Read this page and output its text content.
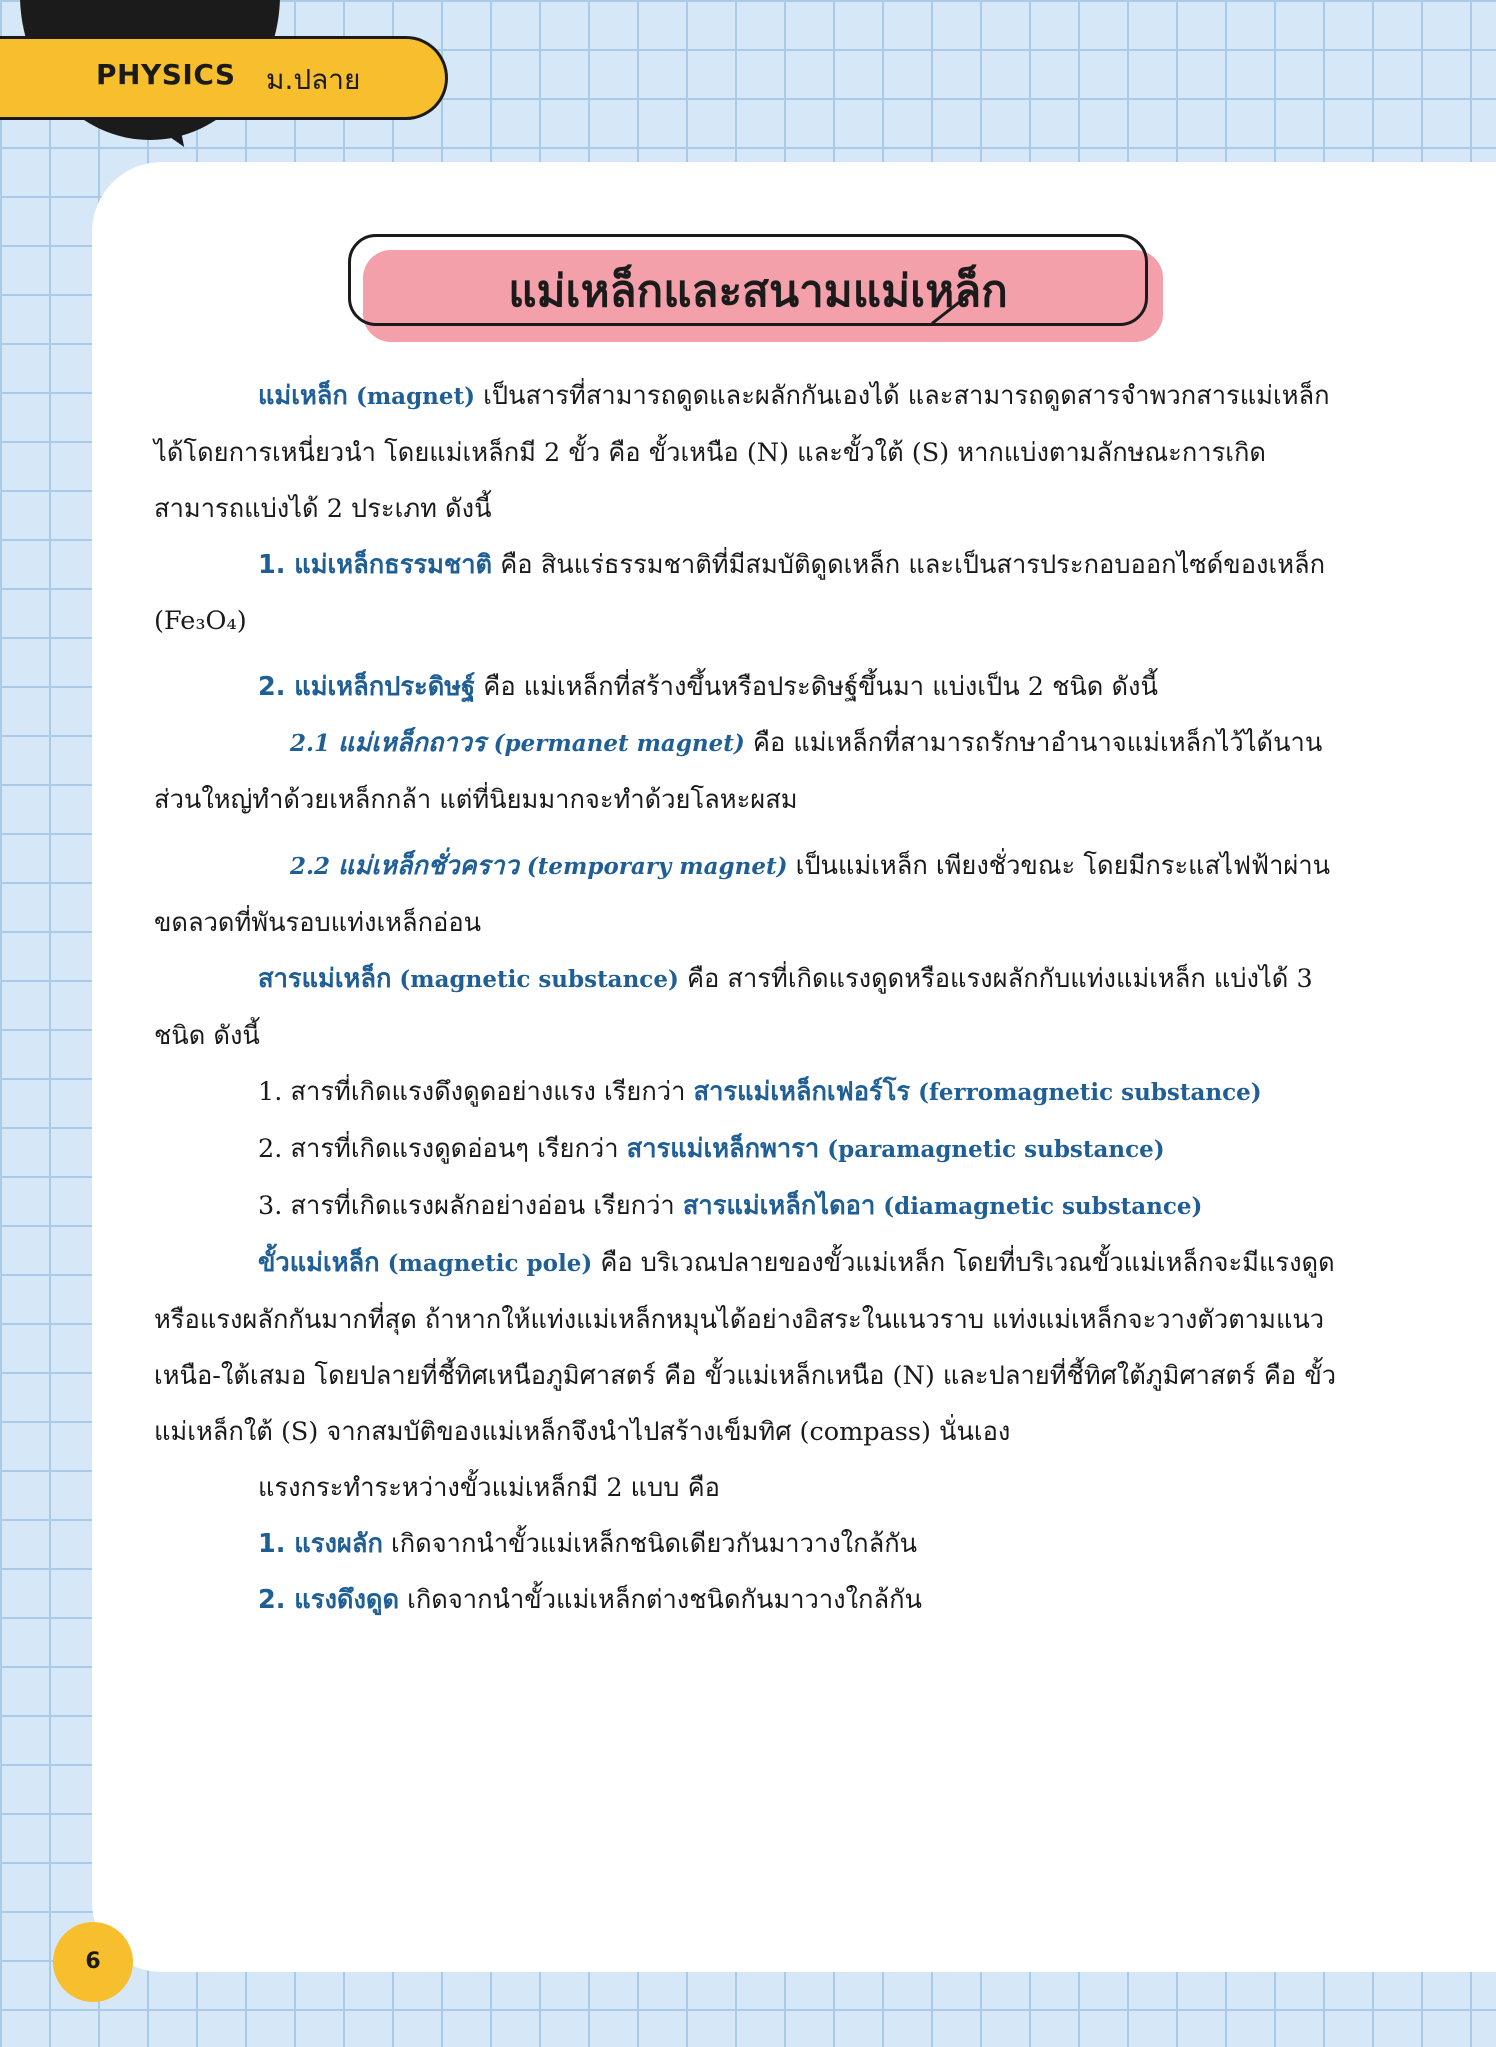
PHYSICS ม.ปลาย
แม่เหล็กและสนามแม่เหล็ก

แม่เหล็ก (magnet) เป็นสารที่สามารถดูดและผลักกันเองได้ และสามารถดูดสารจำพวกสารแม่เหล็กได้โดยการเหนี่ยวนำ โดยแม่เหล็กมี 2 ขั้ว คือ ขั้วเหนือ (N) และขั้วใต้ (S) หากแบ่งตามลักษณะการเกิด สามารถแบ่งได้ 2 ประเภท ดังนี้

1. แม่เหล็กธรรมชาติ คือ สินแร่ธรรมชาติที่มีสมบัติดูดเหล็ก และเป็นสารประกอบออกไซด์ของเหล็ก (Fe₃O₄)

2. แม่เหล็กประดิษฐ์ คือ แม่เหล็กที่สร้างขึ้นหรือประดิษฐ์ขึ้นมา แบ่งเป็น 2 ชนิด ดังนี้

2.1 แม่เหล็กถาวร (permanet magnet) คือ แม่เหล็กที่สามารถรักษาอำนาจแม่เหล็กไว้ได้นาน ส่วนใหญ่ทำด้วยเหล็กกล้า แต่ที่นิยมมากจะทำด้วยโลหะผสม

2.2 แม่เหล็กชั่วคราว (temporary magnet) เป็นแม่เหล็ก เพียงชั่วขณะ โดยมีกระแสไฟฟ้าผ่านขดลวดที่พันรอบแท่งเหล็กอ่อน

สารแม่เหล็ก (magnetic substance) คือ สารที่เกิดแรงดูดหรือแรงผลักกับแท่งแม่เหล็ก แบ่งได้ 3 ชนิด ดังนี้

1. สารที่เกิดแรงดึงดูดอย่างแรง เรียกว่า สารแม่เหล็กเฟอร์โร (ferromagnetic substance)

2. สารที่เกิดแรงดูดอ่อนๆ เรียกว่า สารแม่เหล็กพารา (paramagnetic substance)

3. สารที่เกิดแรงผลักอย่างอ่อน เรียกว่า สารแม่เหล็กไดอา (diamagnetic substance)

ขั้วแม่เหล็ก (magnetic pole) คือ บริเวณปลายของขั้วแม่เหล็ก โดยที่บริเวณขั้วแม่เหล็กจะมีแรงดูดหรือแรงผลักกันมากที่สุด ถ้าหากให้แท่งแม่เหล็กหมุนได้อย่างอิสระในแนวราบ แท่งแม่เหล็กจะวางตัวตามแนวเหนือ-ใต้เสมอ โดยปลายที่ชี้ทิศเหนือภูมิศาสตร์ คือ ขั้วแม่เหล็กเหนือ (N) และปลายที่ชี้ทิศใต้ภูมิศาสตร์ คือ ขั้วแม่เหล็กใต้ (S) จากสมบัติของแม่เหล็กจึงนำไปสร้างเข็มทิศ (compass) นั่นเอง

แรงกระทำระหว่างขั้วแม่เหล็กมี 2 แบบ คือ

1. แรงผลัก เกิดจากนำขั้วแม่เหล็กชนิดเดียวกันมาวางใกล้กัน

2. แรงดึงดูด เกิดจากนำขั้วแม่เหล็กต่างชนิดกันมาวางใกล้กัน

6
